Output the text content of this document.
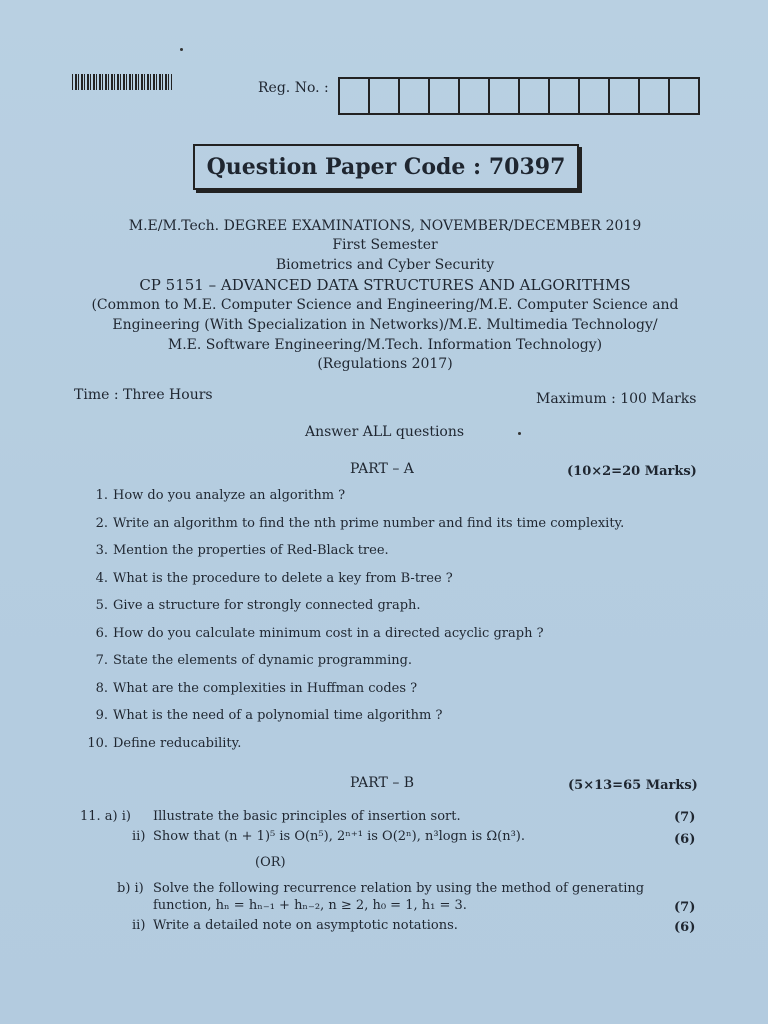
Reg. No. :
Question Paper Code : 70397
M.E/M.Tech. DEGREE EXAMINATIONS, NOVEMBER/DECEMBER 2019
First Semester
Biometrics and Cyber Security
CP 5151 – ADVANCED DATA STRUCTURES AND ALGORITHMS
(Common to M.E. Computer Science and Engineering/M.E. Computer Science and
Engineering (With Specialization in Networks)/M.E. Multimedia Technology/
M.E. Software Engineering/M.Tech. Information Technology)
(Regulations 2017)
Time : Three Hours	Maximum : 100 Marks
Answer ALL questions
PART – A	(10×2=20 Marks)
1. How do you analyze an algorithm ?
2. Write an algorithm to find the nth prime number and find its time complexity.
3. Mention the properties of Red-Black tree.
4. What is the procedure to delete a key from B-tree ?
5. Give a structure for strongly connected graph.
6. How do you calculate minimum cost in a directed acyclic graph ?
7. State the elements of dynamic programming.
8. What are the complexities in Huffman codes ?
9. What is the need of a polynomial time algorithm ?
10. Define reducability.
PART – B	(5×13=65 Marks)
11. a) i) Illustrate the basic principles of insertion sort.	(7)
ii) Show that (n + 1)⁵ is O(n⁵), 2ⁿ⁺¹ is O(2ⁿ), n³logn is Ω(n³).	(6)
(OR)
b) i) Solve the following recurrence relation by using the method of generating
function, hₙ = hₙ₋₁ + hₙ₋₂, n ≥ 2, h₀ = 1, h₁ = 3.	(7)
ii) Write a detailed note on asymptotic notations.	(6)
